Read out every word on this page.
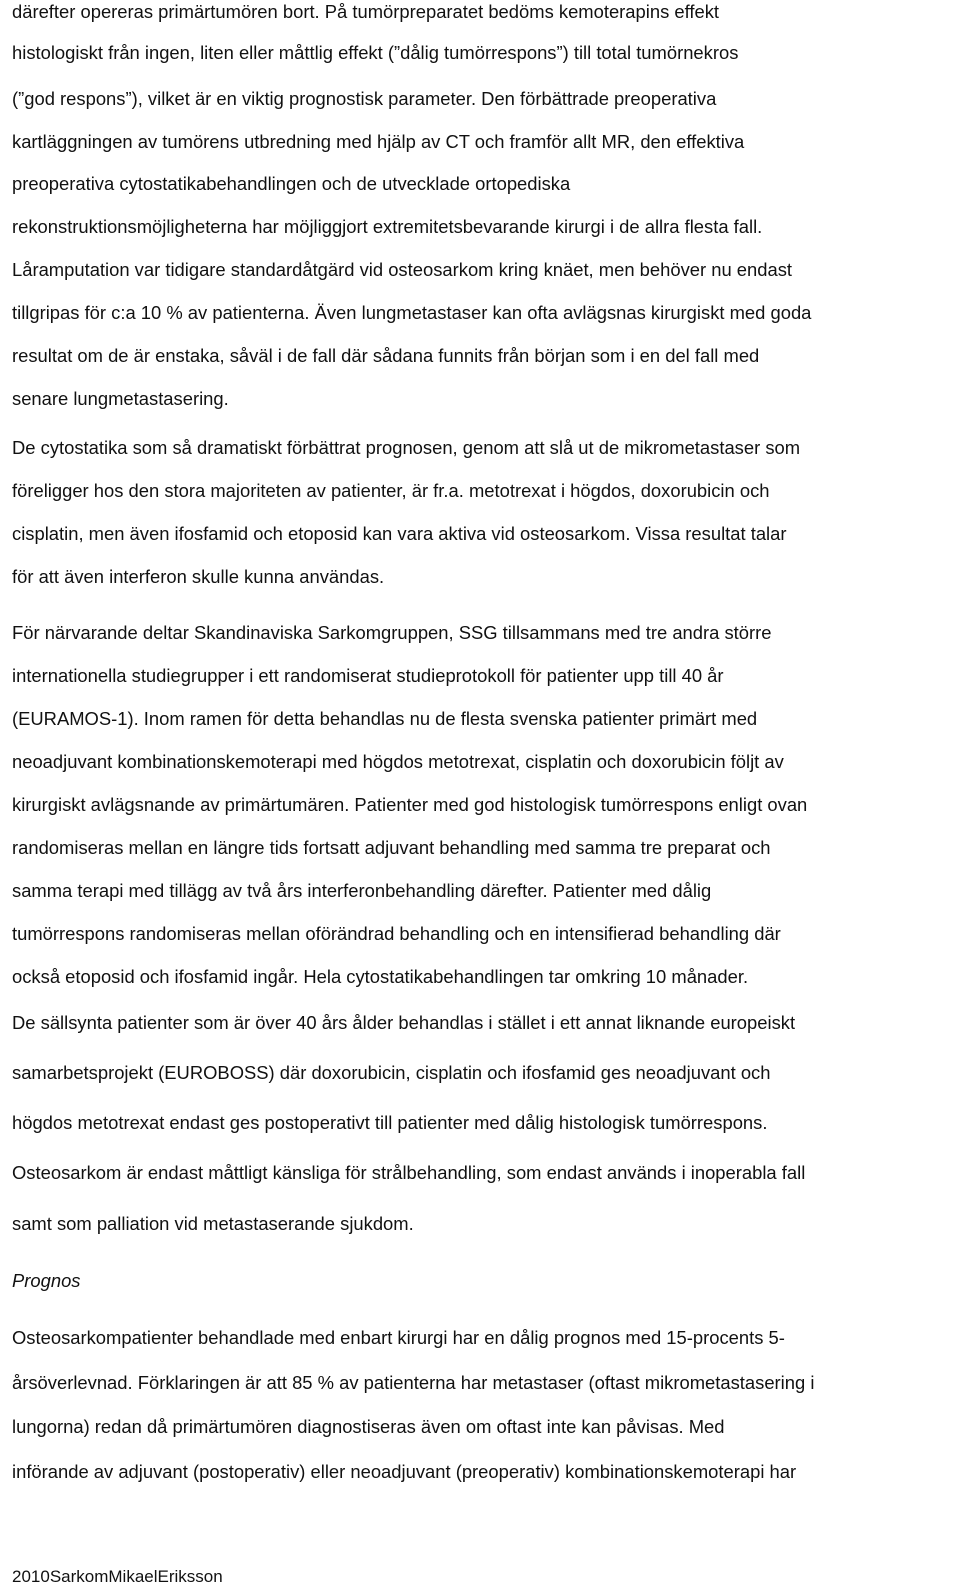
därefter opereras primärtumören bort. På tumörpreparatet bedöms kemoterapins effekt
histologiskt från ingen, liten eller måttlig effekt (”dålig tumörrespons”) till total tumörnekros
(”god respons”), vilket är en viktig prognostisk parameter. Den förbättrade preoperativa
kartläggningen av tumörens utbredning med hjälp av CT och framför allt MR, den effektiva
preoperativa cytostatikabehandlingen och de utvecklade ortopediska
rekonstruktionsmöjligheterna har möjliggjort extremitetsbevarande kirurgi i de allra flesta fall.
Låramputation var tidigare standardåtgärd vid osteosarkom kring knäet, men behöver nu endast
tillgripas för c:a 10 % av patienterna. Även lungmetastaser kan ofta avlägsnas kirurgiskt med goda
resultat om de är enstaka, såväl i de fall där sådana funnits från början som i en del fall med
senare lungmetastasering.
De cytostatika som så dramatiskt förbättrat prognosen, genom att slå ut de mikrometastaser som
föreligger hos den stora majoriteten av patienter, är fr.a. metotrexat i högdos, doxorubicin och
cisplatin, men även ifosfamid och etoposid kan vara aktiva vid osteosarkom. Vissa resultat talar
för att även interferon skulle kunna användas.
För närvarande deltar Skandinaviska Sarkomgruppen, SSG tillsammans med tre andra större
internationella studiegrupper i ett randomiserat studieprotokoll för patienter upp till 40 år
(EURAMOS-1). Inom ramen för detta behandlas nu de flesta svenska patienter primärt med
neoadjuvant kombinationskemoterapi med högdos metotrexat, cisplatin och doxorubicin följt av
kirurgiskt avlägsnande av primärtumären. Patienter med god histologisk tumörrespons enligt ovan
randomiseras mellan en längre tids fortsatt adjuvant behandling med samma tre preparat och
samma terapi med tillägg av två års interferonbehandling därefter. Patienter med dålig
tumörrespons randomiseras mellan oförändrad behandling och en intensifierad behandling där
också etoposid och ifosfamid ingår. Hela cytostatikabehandlingen tar omkring 10 månader.
De sällsynta patienter som är över 40 års ålder behandlas i stället i ett annat liknande europeiskt
samarbetsprojekt (EUROBOSS) där doxorubicin, cisplatin och ifosfamid ges neoadjuvant och
högdos metotrexat endast ges postoperativt till patienter med dålig histologisk tumörrespons.
Osteosarkom är endast måttligt känsliga för strålbehandling, som endast används i inoperabla fall
samt som palliation vid metastaserande sjukdom.
Prognos
Osteosarkompatienter behandlade med enbart kirurgi har en dålig prognos med 15-procents 5-
årsöverlevnad. Förklaringen är att 85 % av patienterna har metastaser (oftast mikrometastasering i
lungorna) redan då primärtumören diagnostiseras även om oftast inte kan påvisas. Med
införande av adjuvant (postoperativ) eller neoadjuvant (preoperativ) kombinationskemoterapi har
2010SarkomMikaelEriksson
